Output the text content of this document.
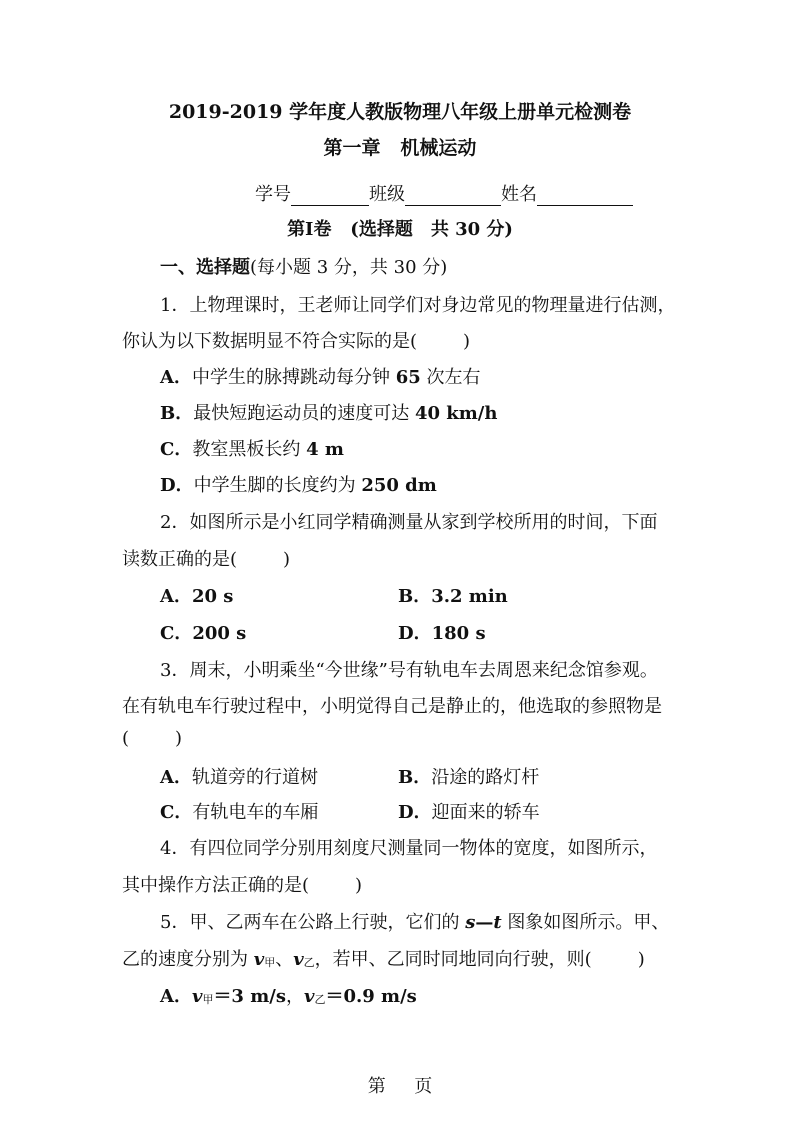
2019-2019 学年度人教版物理八年级上册单元检测卷
第一章 机械运动
学号	班级	姓名
第Ⅰ卷 (选择题　共 30 分)
一、选择题(每小题 3 分，共 30 分)
1．上物理课时，王老师让同学们对身边常见的物理量进行估测，
你认为以下数据明显不符合实际的是(	)
A．中学生的脉搏跳动每分钟 65 次左右
B．最快短跑运动员的速度可达 40 km/h
C．教室黑板长约 4 m
D．中学生脚的长度约为 250 dm
2．如图所示是小红同学精确测量从家到学校所用的时间，下面
读数正确的是(	)
A．20 s	B．3.2 min
C．200 s	D．180 s
3．周末，小明乘坐“今世缘”号有轨电车去周恩来纪念馆参观。
在有轨电车行驶过程中，小明觉得自己是静止的，他选取的参照物是
(	)
A．轨道旁的行道树	B．沿途的路灯杆
C．有轨电车的车厢	D．迎面来的轿车
4．有四位同学分别用刻度尺测量同一物体的宽度，如图所示，
其中操作方法正确的是(	)
5．甲、乙两车在公路上行驶，它们的 s—t 图象如图所示。甲、
乙的速度分别为 v甲、v乙，若甲、乙同时同地同向行驶，则(	)
A．v甲＝3 m/s，v乙＝0.9 m/s
第 页
